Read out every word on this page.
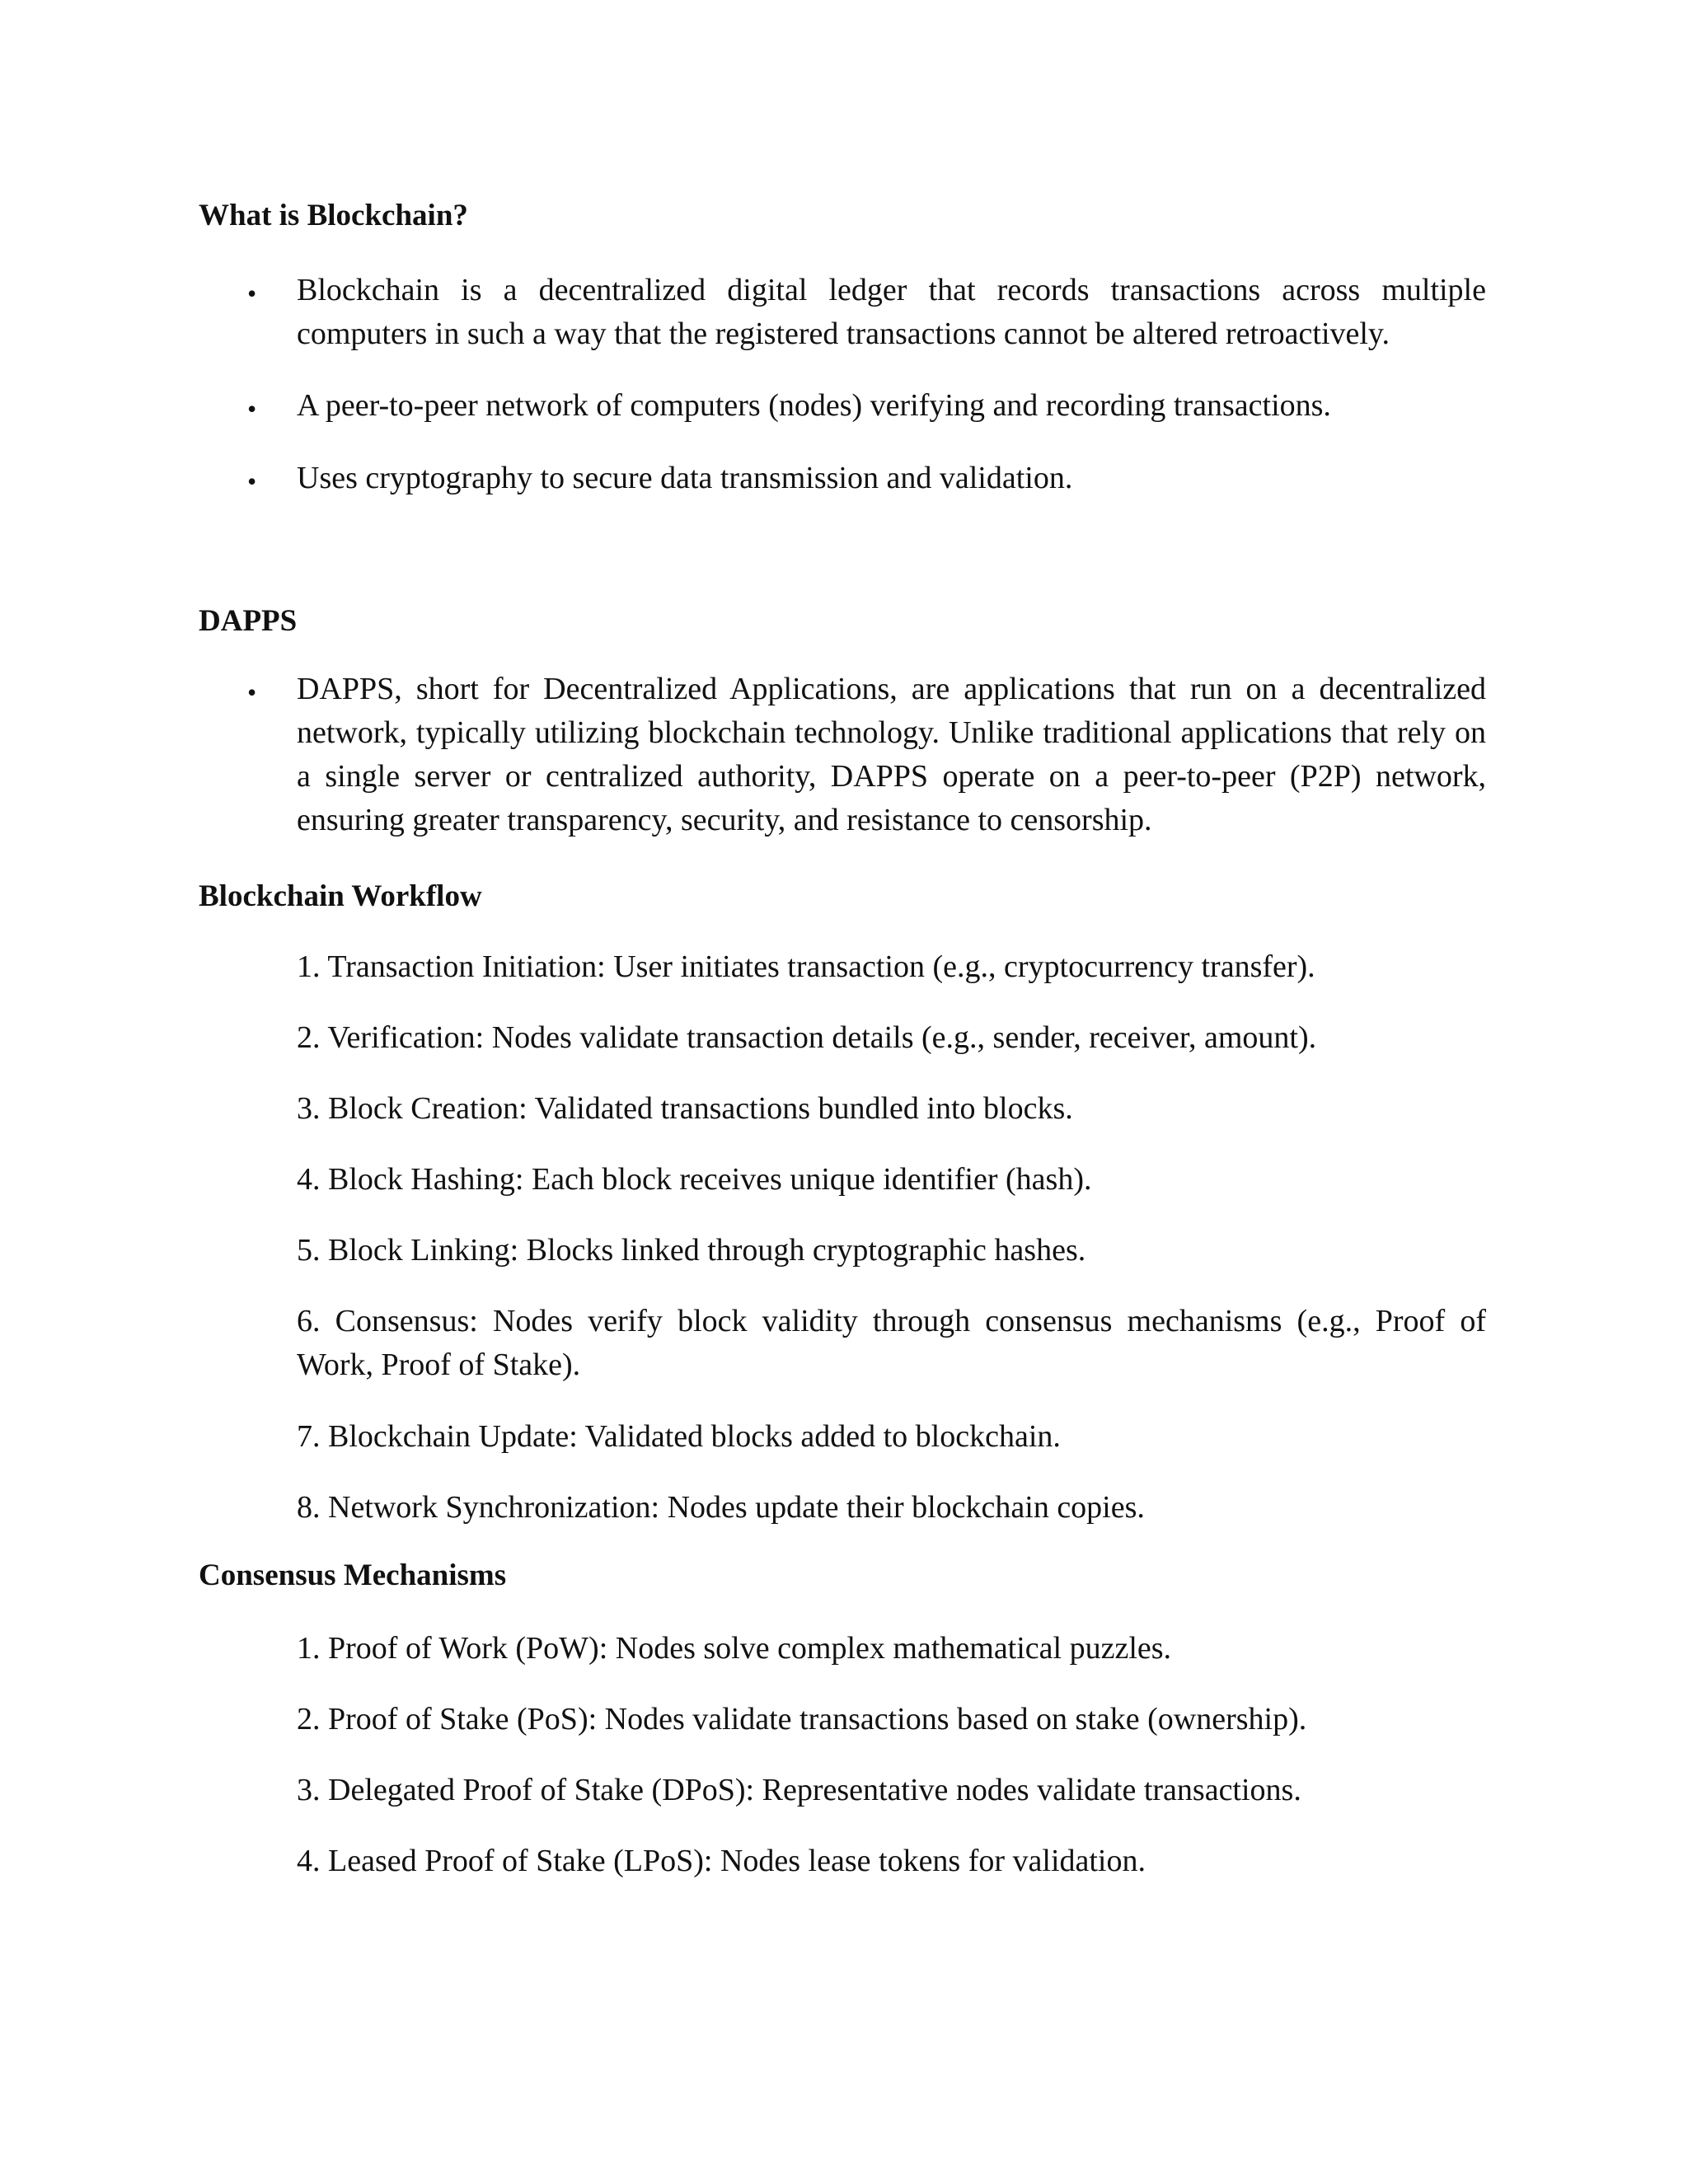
What is Blockchain?
• Blockchain is a decentralized digital ledger that records transactions across multiple computers in such a way that the registered transactions cannot be altered retroactively.

• A peer-to-peer network of computers (nodes) verifying and recording transactions.

• Uses cryptography to secure data transmission and validation.

DAPPS
• DAPPS, short for Decentralized Applications, are applications that run on a decentralized network, typically utilizing blockchain technology. Unlike traditional applications that rely on a single server or centralized authority, DAPPS operate on a peer-to-peer (P2P) network, ensuring greater transparency, security, and resistance to censorship.

Blockchain Workflow

1. Transaction Initiation: User initiates transaction (e.g., cryptocurrency transfer).

2. Verification: Nodes validate transaction details (e.g., sender, receiver, amount).

3. Block Creation: Validated transactions bundled into blocks.

4. Block Hashing: Each block receives unique identifier (hash).

5. Block Linking: Blocks linked through cryptographic hashes.

6. Consensus: Nodes verify block validity through consensus mechanisms (e.g., Proof of Work, Proof of Stake).

7. Blockchain Update: Validated blocks added to blockchain.

8. Network Synchronization: Nodes update their blockchain copies.

Consensus Mechanisms

1. Proof of Work (PoW): Nodes solve complex mathematical puzzles.

2. Proof of Stake (PoS): Nodes validate transactions based on stake (ownership).

3. Delegated Proof of Stake (DPoS): Representative nodes validate transactions.

4. Leased Proof of Stake (LPoS): Nodes lease tokens for validation.
